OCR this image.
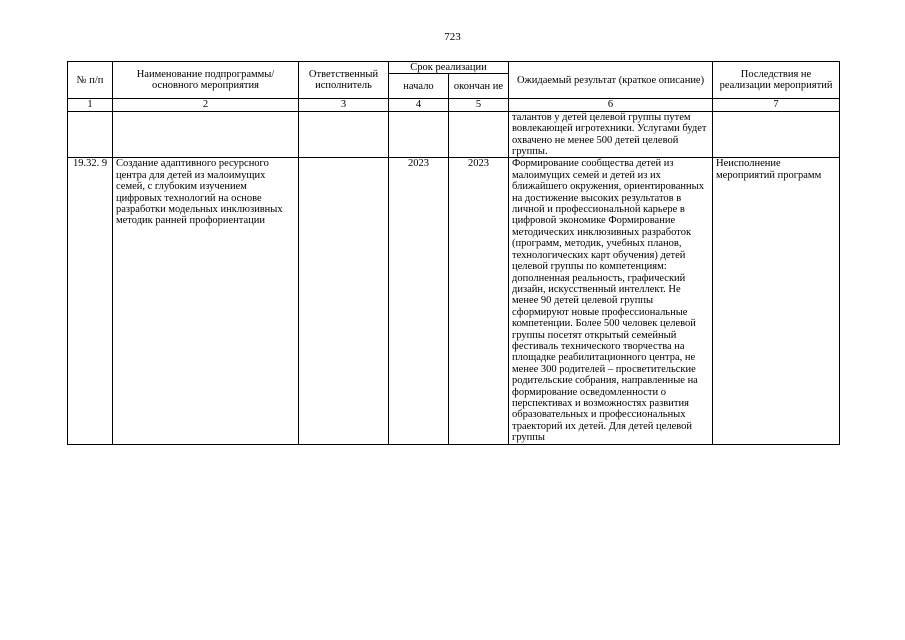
723
№ п/п	Наименование подпрограммы/ основного мероприятия	Ответственный исполнитель	Срок реализации		Ожидаемый результат (краткое описание)	Последствия не реализации мероприятий
			начало	окончан ие		
1	2	3	4	5	6	7
					талантов у детей целевой группы путем вовлекающей игротехники. Услугами будет охвачено не менее 500 детей целевой группы.	
19.32. 9	Создание адаптивного ресурсного центра для детей из малоимущих семей, с глубоким изучением цифровых технологий на основе разработки модельных инклюзивных методик ранней профориентации		2023	2023	Формирование сообщества детей из малоимущих семей и детей из их ближайшего окружения, ориентированных на достижение высоких результатов в личной и профессиональной карьере в цифровой экономике Формирование методических инклюзивных разработок (программ, методик, учебных планов, технологических карт обучения) детей целевой группы по компетенциям: дополненная реальность, графический дизайн, искусственный интеллект. Не менее 90 детей целевой группы сформируют новые профессиональные компетенции. Более 500 человек целевой группы посетят открытый семейный фестиваль технического творчества на площадке реабилитационного центра, не менее 300 родителей – просветительские родительские собрания, направленные на формирование осведомленности о перспективах и возможностях развития образовательных и профессиональных траекторий их детей. Для детей целевой группы	Неисполнение мероприятий программ
